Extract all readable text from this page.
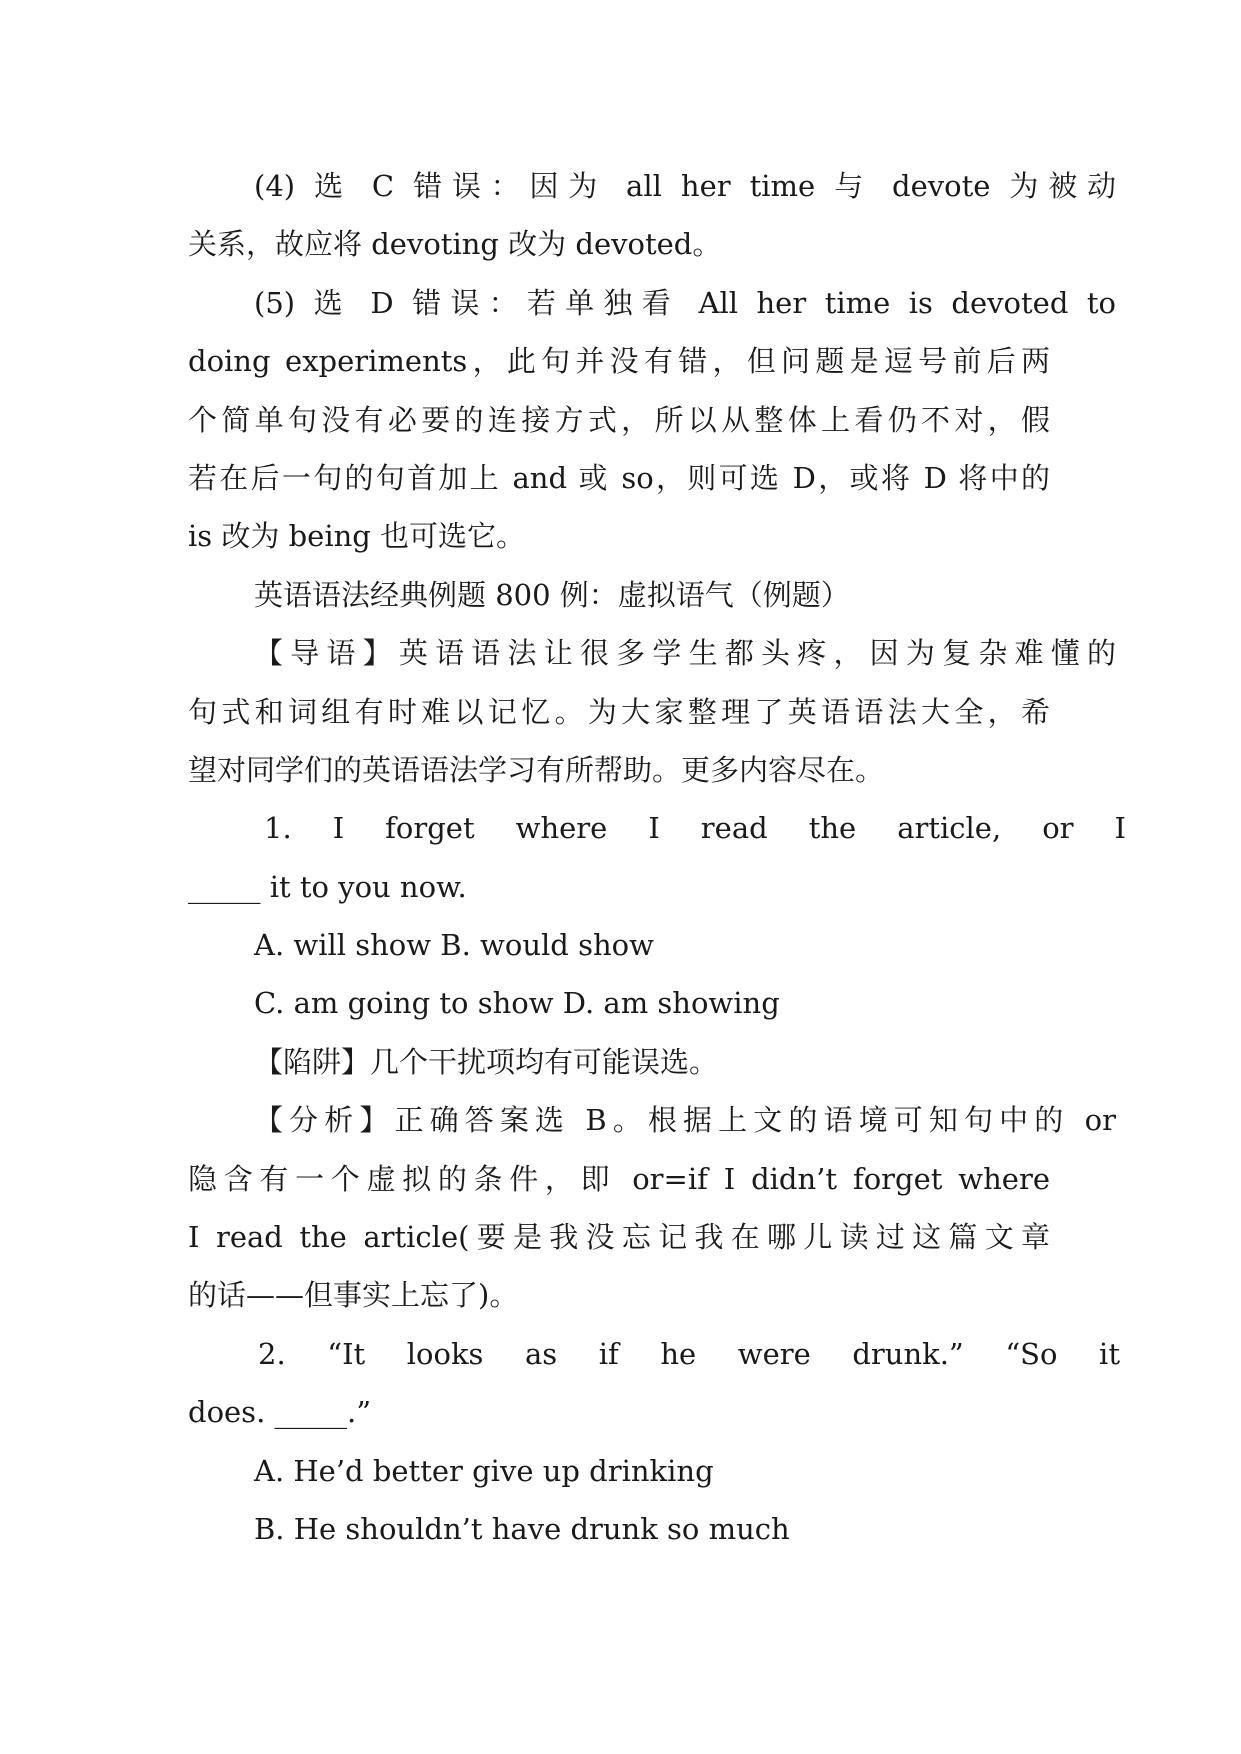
(4) 选 C 错误：因为 all her time 与 devote 为被动
关系，故应将 devoting 改为 devoted。
(5) 选 D 错误：若单独看 All her time is devoted to
doing experiments，此句并没有错，但问题是逗号前后两
个简单句没有必要的连接方式，所以从整体上看仍不对，假
若在后一句的句首加上 and 或 so，则可选 D，或将 D 将中的
is 改为 being 也可选它。
英语语法经典例题 800 例：虚拟语气（例题）
【导语】英语语法让很多学生都头疼，因为复杂难懂的
句式和词组有时难以记忆。为大家整理了英语语法大全，希
望对同学们的英语语法学习有所帮助。更多内容尽在。
1. I forget where I read the article, or I
_____ it to you now.
A. will show B. would show
C. am going to show D. am showing
【陷阱】几个干扰项均有可能误选。
【分析】正确答案选 B。根据上文的语境可知句中的 or
隐含有一个虚拟的条件，即 or=if I didn’t forget where
I read the article(要是我没忘记我在哪儿读过这篇文章
的话——但事实上忘了)。
2. “It looks as if he were drunk.” “So it
does. _____.”
A. He’d better give up drinking
B. He shouldn’t have drunk so much
